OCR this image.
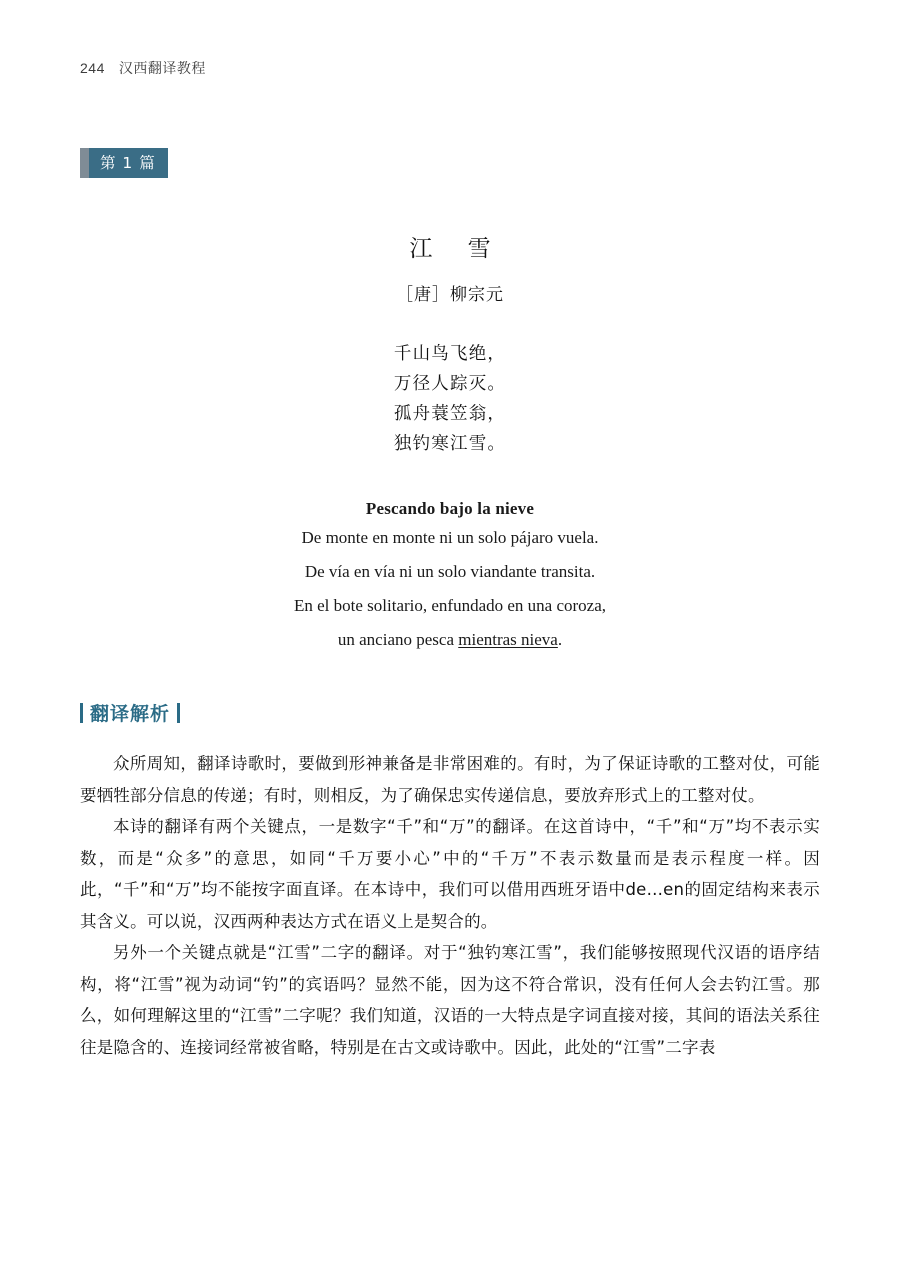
244 汉西翻译教程
第 1 篇
江 雪
［唐］柳宗元
千山鸟飞绝，
万径人踪灭。
孤舟蓑笠翁，
独钓寒江雪。
Pescando bajo la nieve
De monte en monte ni un solo pájaro vuela.
De vía en vía ni un solo viandante transita.
En el bote solitario, enfundado en una coroza,
un anciano pesca mientras nieva.
翻译解析

众所周知，翻译诗歌时，要做到形神兼备是非常困难的。有时，为了保证诗歌的工整对仗，可能要牺牲部分信息的传递；有时，则相反，为了确保忠实传递信息，要放弃形式上的工整对仗。

本诗的翻译有两个关键点，一是数字“千”和“万”的翻译。在这首诗中，“千”和“万”均不表示实数，而是“众多”的意思，如同“千万要小心”中的“千万”不表示数量而是表示程度一样。因此，“千”和“万”均不能按字面直译。在本诗中，我们可以借用西班牙语中de…en的固定结构来表示其含义。可以说，汉西两种表达方式在语义上是契合的。

另外一个关键点就是“江雪”二字的翻译。对于“独钓寒江雪”，我们能够按照现代汉语的语序结构，将“江雪”视为动词“钓”的宾语吗？显然不能，因为这不符合常识，没有任何人会去钓江雪。那么，如何理解这里的“江雪”二字呢？我们知道，汉语的一大特点是字词直接对接，其间的语法关系往往是隐含的、连接词经常被省略，特别是在古文或诗歌中。因此，此处的“江雪”二字表
